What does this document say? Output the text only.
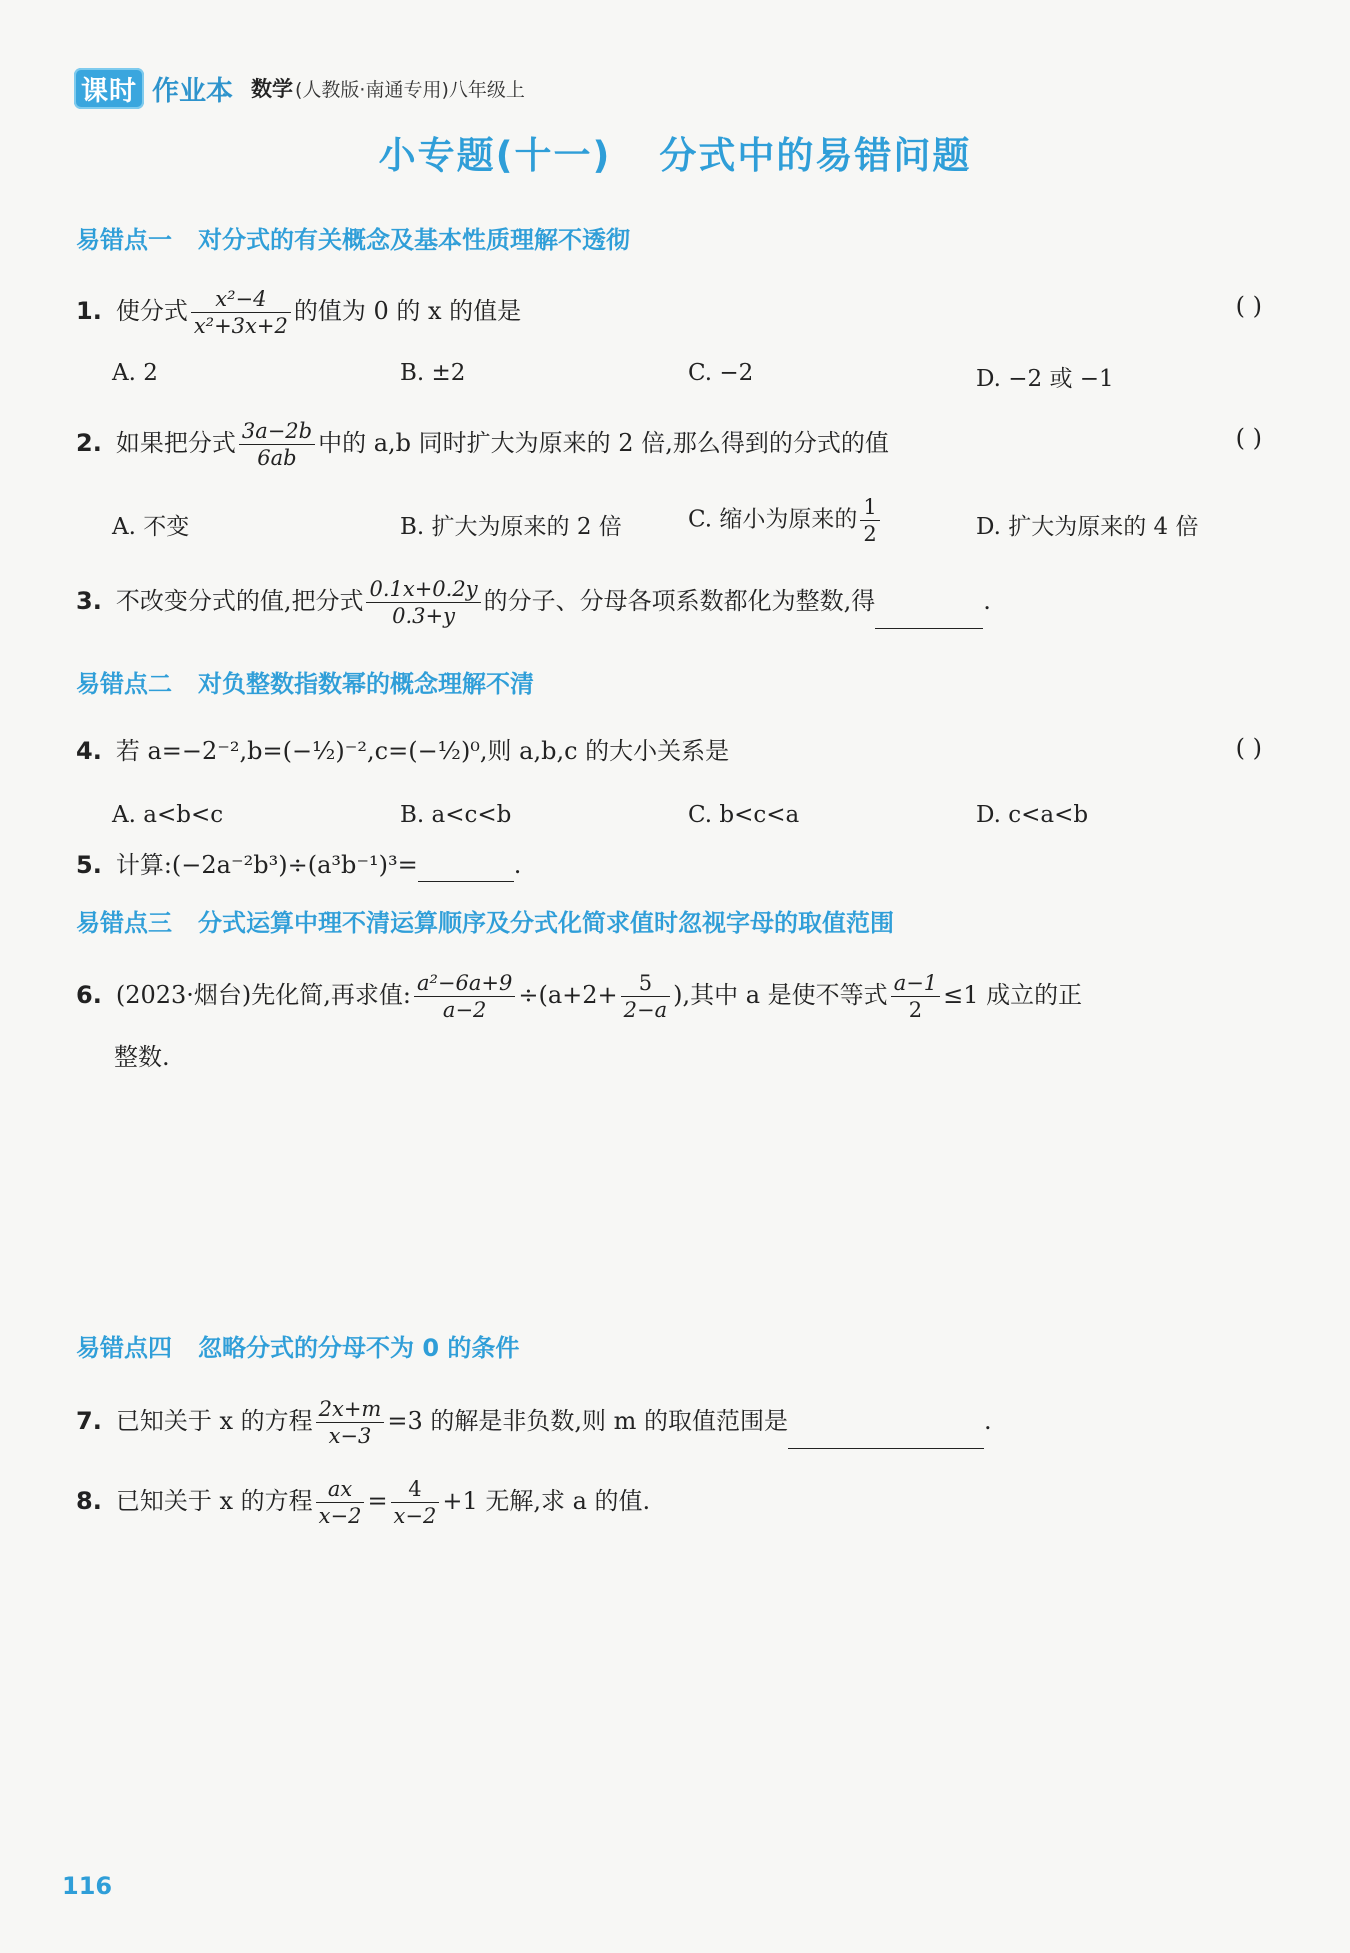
课时 作业本 数学 (人教版·南通专用)八年级上
小专题(十一) 分式中的易错问题
易错点一 对分式的有关概念及基本性质理解不透彻
1. 使分式 $\frac{\text{x²−4}}{\text{x²+3x+2}}$ 的值为 0 的 x 的值是	( )
A. 2	B. ±2	C. −2	D. −2 或 −1
2. 如果把分式 $\frac{3a-2b}{6ab}$ 中的 a,b 同时扩大为原来的 2 倍,那么得到的分式的值	( )
A. 不变	B. 扩大为原来的 2 倍	C. 缩小为原来的 $\frac{1}{2}$	D. 扩大为原来的 4 倍
3. 不改变分式的值,把分式 $\frac{0.1x+0.2y}{0.3+y}$ 的分子、分母各项系数都化为整数,得	.
易错点二 对负整数指数幂的概念理解不清
4. 若 a=−2⁻²,b=(−½)⁻²,c=(−½)⁰,则 a,b,c 的大小关系是	( )
A. a<b<c	B. a<c<b	C. b<c<a	D. c<a<b
5. 计算:(−2a⁻²b³)÷(a³b⁻¹)³=	.
易错点三 分式运算中理不清运算顺序及分式化简求值时忽视字母的取值范围
6. (2023·烟台)先化简,再求值: $\frac{\text{a²−6a+9}}{a-2} \div(a+2+ \frac{5}{2-a}$ ),其中 a 是使不等式 $\frac{a-1}{2} \le 1$ 成立的正
整数.
易错点四 忽略分式的分母不为 0 的条件
7. 已知关于 x 的方程 $\frac{2x+m}{x-3} =3$ 的解是非负数,则 m 的取值范围是	.
8. 已知关于 x 的方程 $\frac{ax}{x-2} = \frac{4}{x-2} +1$ 无解,求 a 的值.
116
